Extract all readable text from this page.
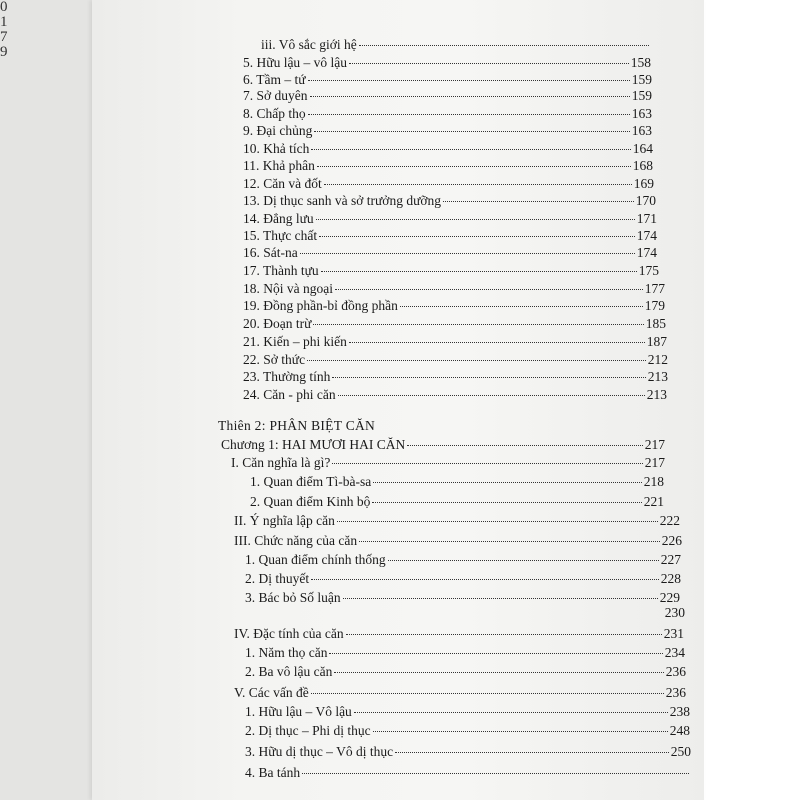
0
1
7
9	iii. Vô sắc giới hệ
5. Hữu lậu – vô lậu	158
6. Tầm – tứ	159
7. Sở duyên	159
8. Chấp thọ	163
9. Đại chủng	163
10. Khả tích	164
11. Khả phân	168
12. Căn và đốt	169
13. Dị thục sanh và sở trưởng dưỡng	170
14. Đẳng lưu	171
15. Thực chất	174
16. Sát-na	174
17. Thành tựu	175
18. Nội và ngoại	177
19. Đồng phần-bỉ đồng phần	179
20. Đoạn trừ	185
21. Kiến – phi kiến	187
22. Sở thức	212
23. Thường tính	213
24. Căn - phi căn	213
Thiên 2: PHÂN BIỆT CĂN
Chương 1: HAI MƯƠI HAI CĂN	217
I. Căn nghĩa là gì?	217
1. Quan điểm Tì-bà-sa	218
2. Quan điểm Kinh bộ	221
II. Ý nghĩa lập căn	222
III. Chức năng của căn	226
1. Quan điểm chính thống	227
2. Dị thuyết	228
3. Bác bỏ Số luận	229
230
IV. Đặc tính của căn	231
1. Năm thọ căn	234
2. Ba vô lậu căn	236
V. Các vấn đề	236
1. Hữu lậu – Vô lậu	238
2. Dị thục – Phi dị thục	248
3. Hữu dị thục – Vô dị thục	250
4. Ba tánh
